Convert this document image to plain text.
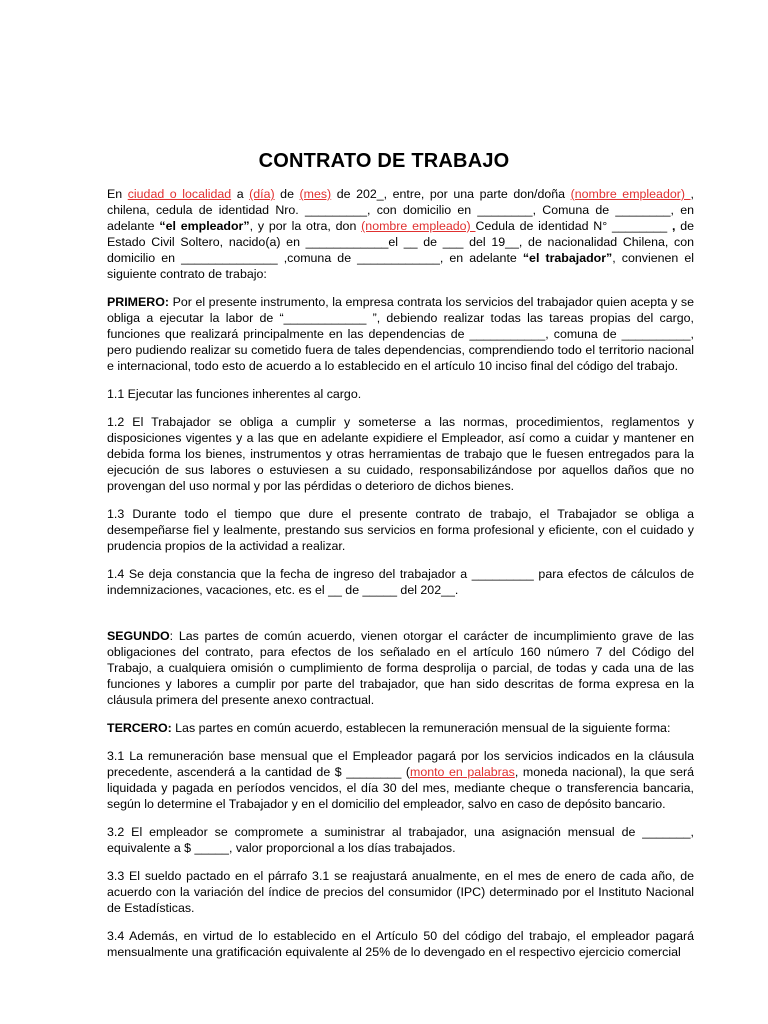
CONTRATO DE TRABAJO

En ciudad o localidad a (día) de (mes) de 202_, entre, por una parte don/doña (nombre empleador) , chilena, cedula de identidad Nro. _________, con domicilio en ________, Comuna de ________, en adelante “el empleador”, y por la otra, don (nombre empleado) Cedula de identidad N° ________ , de Estado Civil Soltero, nacido(a) en ____________el __ de ___ del 19__, de nacionalidad Chilena, con domicilio en ______________ ,comuna de ____________, en adelante “el trabajador”, convienen el siguiente contrato de trabajo:

PRIMERO: Por el presente instrumento, la empresa contrata los servicios del trabajador quien acepta y se obliga a ejecutar la labor de “____________ ”, debiendo realizar todas las tareas propias del cargo, funciones que realizará principalmente en las dependencias de ___________, comuna de __________, pero pudiendo realizar su cometido fuera de tales dependencias, comprendiendo todo el territorio nacional e internacional, todo esto de acuerdo a lo establecido en el artículo 10 inciso final del código del trabajo.

1.1 Ejecutar las funciones inherentes al cargo.

1.2 El Trabajador se obliga a cumplir y someterse a las normas, procedimientos, reglamentos y disposiciones vigentes y a las que en adelante expidiere el Empleador, así como a cuidar y mantener en debida forma los bienes, instrumentos y otras herramientas de trabajo que le fuesen entregados para la ejecución de sus labores o estuviesen a su cuidado, responsabilizándose por aquellos daños que no provengan del uso normal y por las pérdidas o deterioro de dichos bienes.

1.3 Durante todo el tiempo que dure el presente contrato de trabajo, el Trabajador se obliga a desempeñarse fiel y lealmente, prestando sus servicios en forma profesional y eficiente, con el cuidado y prudencia propios de la actividad a realizar.

1.4 Se deja constancia que la fecha de ingreso del trabajador a _________ para efectos de cálculos de indemnizaciones, vacaciones, etc. es el __ de _____ del 202__.

SEGUNDO: Las partes de común acuerdo, vienen otorgar el carácter de incumplimiento grave de las obligaciones del contrato, para efectos de los señalado en el artículo 160 número 7 del Código del Trabajo, a cualquiera omisión o cumplimiento de forma desprolija o parcial, de todas y cada una de las funciones y labores a cumplir por parte del trabajador, que han sido descritas de forma expresa en la cláusula primera del presente anexo contractual.

TERCERO: Las partes en común acuerdo, establecen la remuneración mensual de la siguiente forma:

3.1 La remuneración base mensual que el Empleador pagará por los servicios indicados en la cláusula precedente, ascenderá a la cantidad de $ ________ (monto en palabras, moneda nacional), la que será liquidada y pagada en períodos vencidos, el día 30 del mes, mediante cheque o transferencia bancaria, según lo determine el Trabajador y en el domicilio del empleador, salvo en caso de depósito bancario.

3.2 El empleador se compromete a suministrar al trabajador, una asignación mensual de _______, equivalente a $ _____, valor proporcional a los días trabajados.

3.3 El sueldo pactado en el párrafo 3.1 se reajustará anualmente, en el mes de enero de cada año, de acuerdo con la variación del índice de precios del consumidor (IPC) determinado por el Instituto Nacional de Estadísticas.

3.4 Además, en virtud de lo establecido en el Artículo 50 del código del trabajo, el empleador pagará mensualmente una gratificación equivalente al 25% de lo devengado en el respectivo ejercicio comercial
